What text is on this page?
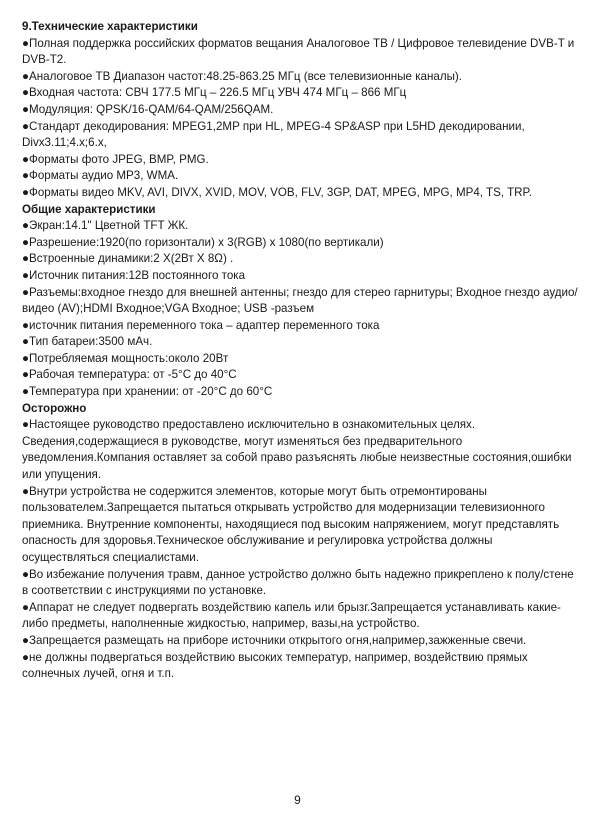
9.Технические характеристики

●Полная поддержка российских форматов вещания Аналоговое ТВ / Цифровое телевидение DVB-T и DVB-T2.

●Аналоговое ТВ Диапазон частот:48.25-863.25 МГц (все телевизионные каналы).

●Входная частота: СВЧ 177.5 МГц – 226.5 МГц УВЧ 474 МГц – 866 МГц

●Модуляция: QPSK/16-QAM/64-QAM/256QAM.

●Стандарт декодирования: MPEG1,2MP при HL, MPEG-4 SP&ASP при L5HD декодировании, Divx3.11;4.x;6.x,

●Форматы фото JPEG, BMP, PMG.

●Форматы аудио MP3, WMA.

●Форматы видео MKV, AVI, DIVX, XVID, MOV, VOB, FLV, 3GP, DAT, MPEG, MPG, MP4, TS, TRP.

Общие характеристики

●Экран:14.1" Цветной TFT ЖК.

●Разрешение:1920(по горизонтали) x 3(RGB) x 1080(по вертикали)

●Встроенные динамики:2 X(2Вт X 8Ω) .

●Источник питания:12В постоянного тока

●Разъемы:входное гнездо для внешней антенны; гнездо для стерео гарнитуры; Входное гнездо аудио/видео (AV);HDMI Входное;VGA Входное; USB -разъем

●источник питания переменного тока – адаптер переменного тока

●Тип батареи:3500 мАч.

●Потребляемая мощность:около 20Вт

●Рабочая температура: от -5°C до 40°C

●Температура при хранении: от -20°C до 60°C

Осторожно

●Настоящее руководство предоставлено исключительно в ознакомительных целях. Сведения,содержащиеся в руководстве, могут изменяться без предварительного уведомления.Компания оставляет за собой право разъяснять любые неизвестные состояния,ошибки или упущения.

●Внутри устройства не содержится элементов, которые могут быть отремонтированы пользователем.Запрещается пытаться открывать устройство для модернизации телевизионного приемника. Внутренние компоненты, находящиеся под высоким напряжением, могут представлять опасность для здоровья.Техническое обслуживание и регулировка устройства должны осуществляться специалистами.

●Во избежание получения травм, данное устройство должно быть надежно прикреплено к полу/стене в соответствии с инструкциями по установке.

●Аппарат не следует подвергать воздействию капель или брызг.Запрещается устанавливать какие-либо предметы, наполненные жидкостью, например, вазы,на устройство.

●Запрещается размещать на приборе источники открытого огня,например,зажженные свечи.

●не должны подвергаться воздействию высоких температур, например, воздействию прямых солнечных лучей, огня и т.п.

9
